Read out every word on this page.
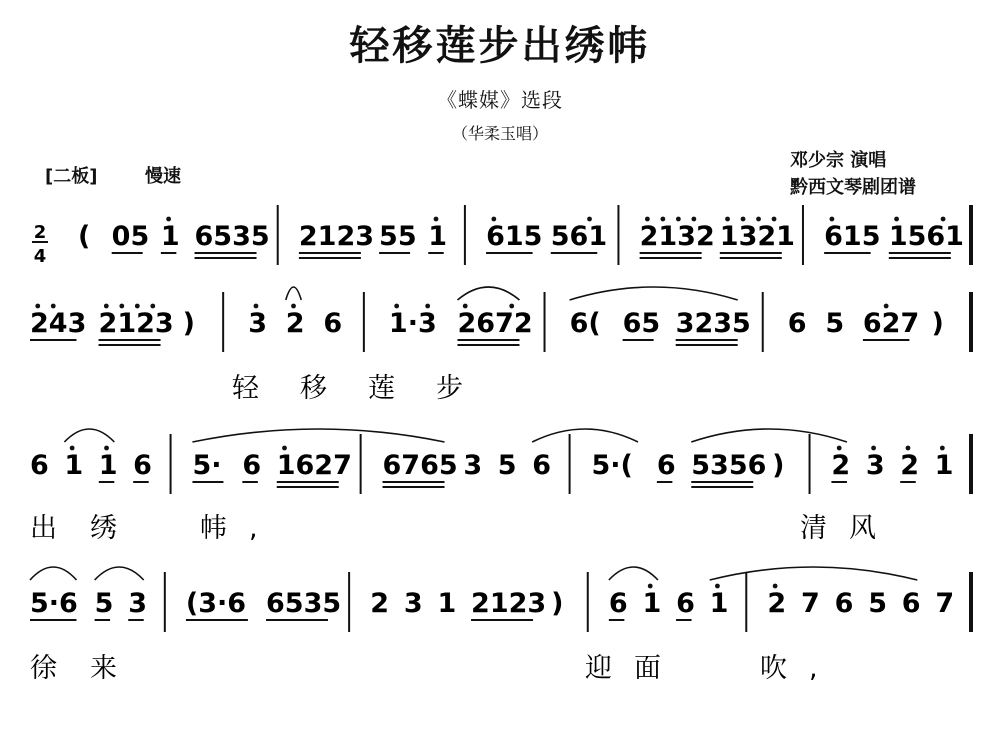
轻移莲步出绣帏
《蝶媒》选段
（华柔玉唱）
邓少宗 演唱
黔西文琴剧团谱
[二板]	慢速
2
4
( 05 1 6535 2123 55 1 615 561 2132 1321 615 1561
243 2123 ) 3 2 6 1·3 2672 6( 65 3235 6 5 627 )
轻 移 莲 步
6 1 1 6 5· 6 1627 6765 3 5 6 5·( 6 5356 ) 2 3 2 1
出 绣	帏,	清风
5·6 5 3 (3·6 6535 2 3 1 2123 ) 6 1 6 1 2 7 6 5 6 7
徐 来	迎面	吹,
